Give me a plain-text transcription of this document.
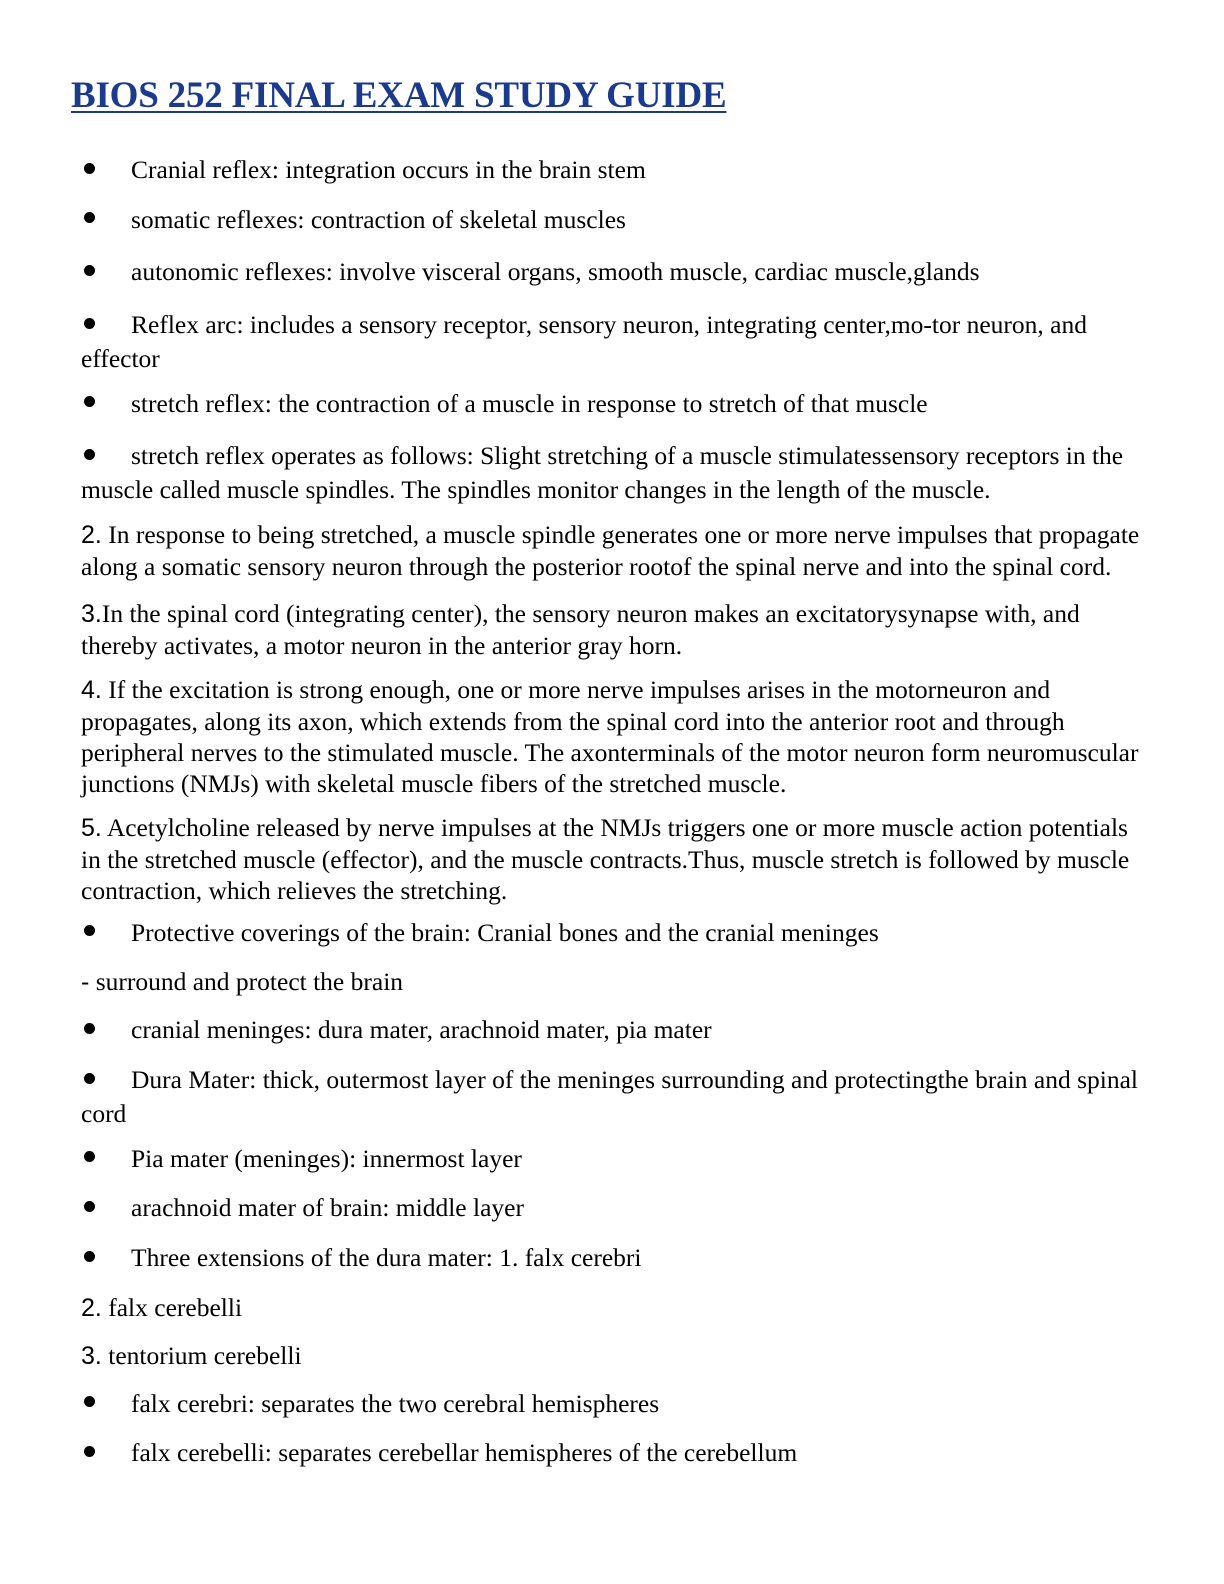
BIOS 252 FINAL EXAM STUDY GUIDE

Cranial reflex: integration occurs in the brain stem

somatic reflexes: contraction of skeletal muscles

autonomic reflexes: involve visceral organs, smooth muscle, cardiac muscle,glands

Reflex arc: includes a sensory receptor, sensory neuron, integrating center,mo-tor neuron, and effector

stretch reflex: the contraction of a muscle in response to stretch of that muscle

stretch reflex operates as follows: Slight stretching of a muscle stimulatessensory receptors in the muscle called muscle spindles. The spindles monitor changes in the length of the muscle.

2. In response to being stretched, a muscle spindle generates one or more nerve impulses that propagate along a somatic sensory neuron through the posterior rootof the spinal nerve and into the spinal cord.

3.In the spinal cord (integrating center), the sensory neuron makes an excitatorysynapse with, and thereby activates, a motor neuron in the anterior gray horn.

4. If the excitation is strong enough, one or more nerve impulses arises in the motorneuron and propagates, along its axon, which extends from the spinal cord into the anterior root and through peripheral nerves to the stimulated muscle. The axonterminals of the motor neuron form neuromuscular junctions (NMJs) with skeletal muscle fibers of the stretched muscle.

5. Acetylcholine released by nerve impulses at the NMJs triggers one or more muscle action potentials in the stretched muscle (effector), and the muscle contracts.Thus, muscle stretch is followed by muscle contraction, which relieves the stretching.

Protective coverings of the brain: Cranial bones and the cranial meninges

- surround and protect the brain

cranial meninges: dura mater, arachnoid mater, pia mater

Dura Mater: thick, outermost layer of the meninges surrounding and protectingthe brain and spinal cord

Pia mater (meninges): innermost layer

arachnoid mater of brain: middle layer

Three extensions of the dura mater: 1. falx cerebri

2. falx cerebelli

3. tentorium cerebelli

falx cerebri: separates the two cerebral hemispheres

falx cerebelli: separates cerebellar hemispheres of the cerebellum
